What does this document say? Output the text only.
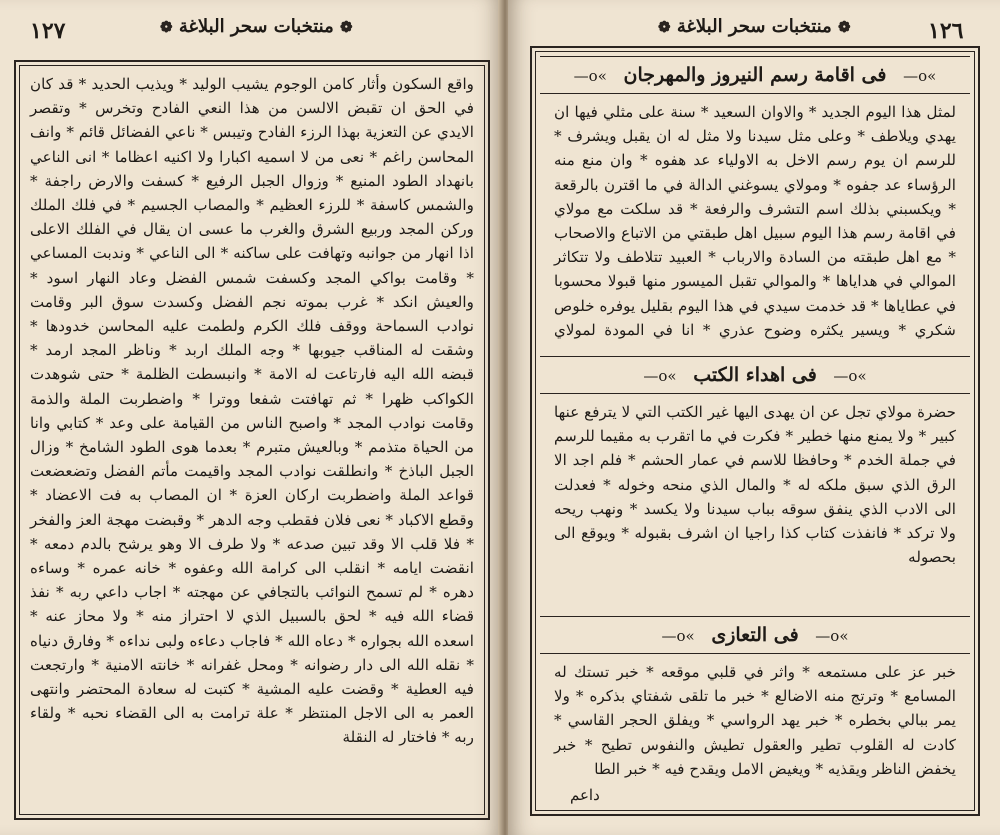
١٢٧	❁ منتخبات سحر البلاغة ❁

واقع السكون وأثار كامن الوجوم يشيب الوليد * ويذيب الحديد * قد كان في الحق ان تقبض الالسن من هذا النعي الفادح وتخرس * وتقصر الايدي عن التعزية بهذا الرزء الفادح وتيبس * ناعي الفضائل قائم * وانف المحاسن راغم * نعى من لا اسميه اكبارا ولا اكنيه اعظاما * انى الناعي بانهداد الطود المنيع * وزوال الجبل الرفيع * كسفت والارض راجفة * والشمس كاسفة * للرزء العظيم * والمصاب الجسيم * في فلك الملك وركن المجد وربيع الشرق والغرب ما عسى ان يقال في الفلك الاعلى اذا انهار من جوانبه وتهافت على ساكنه * الى الناعي * وندبت المساعي * وقامت بواكي المجد وكسفت شمس الفضل وعاد النهار اسود * والعيش انكد * غرب بموته نجم الفضل وكسدت سوق البر وقامت نوادب السماحة ووقف فلك الكرم ولطمت عليه المحاسن خدودها * وشقت له المناقب جيوبها * وجه الملك اربد * وناظر المجد ارمد * قبضه الله اليه فارتاعت له الامة * وانبسطت الظلمة * حتى شوهدت الكواكب ظهرا * ثم تهافتت شفعا ووترا * واضطربت الملة والذمة وقامت نوادب المجد * واصبح الناس من القيامة على وعد * كتابي وانا من الحياة متذمم * وبالعيش متبرم * بعدما هوى الطود الشامخ * وزال الجبل الباذخ * وانطلقت نوادب المجد واقيمت مأتم الفضل وتضعضعت قواعد الملة واضطربت اركان العزة * ان المصاب به فت الاعضاد * وقطع الاكباد * نعى فلان فقطب وجه الدهر * وقبضت مهجة العز والفخر * فلا قلب الا وقد تبين صدعه * ولا طرف الا وهو يرشح بالدم دمعه * انقضت ايامه * انقلب الى كرامة الله وعفوه * خانه عمره * وساءه دهره * لم تسمح النوائب بالتجافي عن مهجته * اجاب داعي ربه * نفذ قضاء الله فيه * لحق بالسبيل الذي لا احتراز منه * ولا محاز عنه * اسعده الله بجواره * دعاه الله * فاجاب دعاءه ولبى نداءه * وفارق دنياه * نقله الله الى دار رضوانه * ومحل غفرانه * خانته الامنية * وارتجعت فيه العطية * وقضت عليه المشية * كتبت له سعادة المحتضر وانتهى العمر به الى الاجل المنتظر * علة ترامت به الى القضاء نحبه * ولقاء ربه * فاختار له النقلة

❁ منتخبات سحر البلاغة ❁	١٢٦
»o— فى اقامة رسم النيروز والمهرجان »o—

لمثل هذا اليوم الجديد * والاوان السعيد * سنة على مثلي فيها ان يهدي ويلاطف * وعلى مثل سيدنا ولا مثل له ان يقبل ويشرف * للرسم ان يوم رسم الاخل به الاولياء عد هفوه * وان منع منه الرؤساء عد جفوه * ومولاي يسوغني الدالة في ما اقترن بالرقعة * ويكسبني بذلك اسم التشرف والرفعة * قد سلكت مع مولاي في اقامة رسم هذا اليوم سبيل اهل طبقتي من الاتباع والاصحاب * مع اهل طبقته من السادة والارباب * العبيد تتلاطف ولا تتكاثر الموالي في هداياها * والموالي تقبل الميسور منها قبولا محسوبا في عطاياها * قد خدمت سيدي في هذا اليوم بقليل يوفره خلوص شكري * ويسير يكثره وضوح عذري * انا في المودة لمولاي

»o— فى اهداء الكتب »o—

حضرة مولاي تجل عن ان يهدى اليها غير الكتب التي لا يترفع عنها كبير * ولا يمنع منها خطير * فكرت في ما اتقرب به مقيما للرسم في جملة الخدم * وحافظا للاسم في عمار الحشم * فلم اجد الا الرق الذي سبق ملكه له * والمال الذي منحه وخوله * فعدلت الى الادب الذي ينفق سوقه بباب سيدنا ولا يكسد * ونهب ريحه ولا تركد * فانفذت كتاب كذا راجيا ان اشرف بقبوله * ويوقع الى بحصوله

»o— فى التعازى »o—

خبر عز على مستمعه * واثر في قلبي موقعه * خبر تستك له المسامع * وترتج منه الاضالع * خبر ما تلقى شفتاي بذكره * ولا يمر ببالي بخطره * خبر يهد الرواسي * ويفلق الحجر القاسي * كادت له القلوب تطير والعقول تطيش والنفوس تطيح * خبر يخفض الناظر ويقذيه * ويغيض الامل ويقدح فيه * خبر الطا

داعم
